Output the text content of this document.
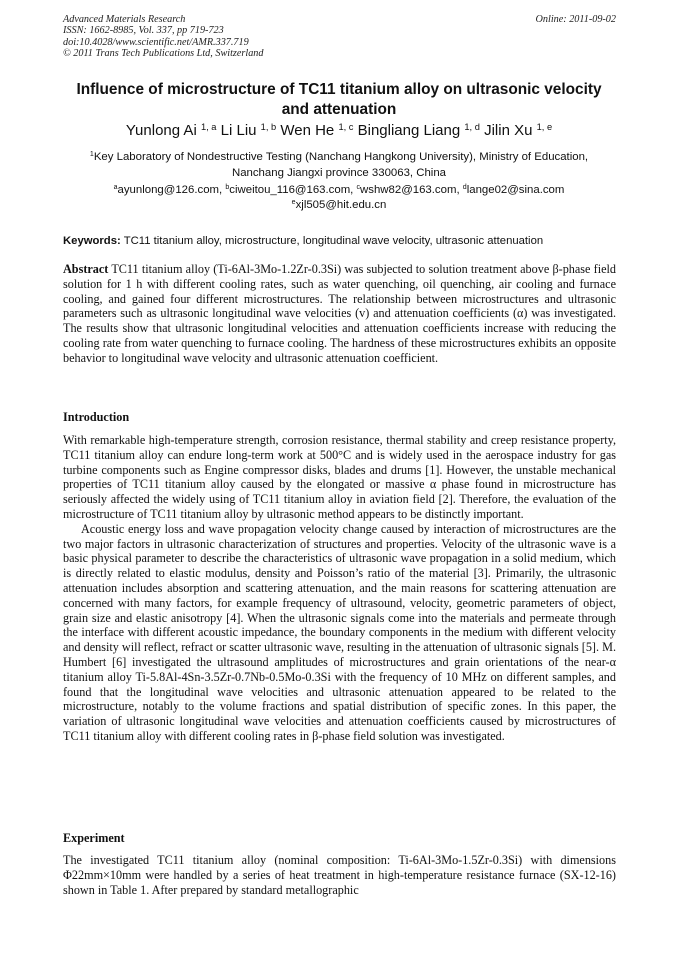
Advanced Materials Research
ISSN: 1662-8985, Vol. 337, pp 719-723
doi:10.4028/www.scientific.net/AMR.337.719
© 2011 Trans Tech Publications Ltd, Switzerland
Online: 2011-09-02
Influence of microstructure of TC11 titanium alloy on ultrasonic velocity
and attenuation
Yunlong Ai $^{1, a}$ Li Liu $^{1, b}$ Wen He $^{1, c}$ Bingliang Liang $^{1, d}$ Jilin Xu $^{1, e}$
$^1$Key Laboratory of Nondestructive Testing (Nanchang Hangkong University), Ministry of Education,
Nanchang Jiangxi province 330063, China
$^a$ayunlong@126.com, $^b$ciweitou_116@163.com, $^c$wshw82@163.com, $^d$lange02@sina.com
$^e$xjl505@hit.edu.cn
Keywords: TC11 titanium alloy, microstructure, longitudinal wave velocity, ultrasonic attenuation

Abstract TC11 titanium alloy (Ti-6Al-3Mo-1.2Zr-0.3Si) was subjected to solution treatment above β-phase field solution for 1 h with different cooling rates, such as water quenching, oil quenching, air cooling and furnace cooling, and gained four different microstructures. The relationship between microstructures and ultrasonic parameters such as ultrasonic longitudinal wave velocities (v) and attenuation coefficients (α) was investigated. The results show that ultrasonic longitudinal velocities and attenuation coefficients increase with reducing the cooling rate from water quenching to furnace cooling. The hardness of these microstructures exhibits an opposite behavior to longitudinal wave velocity and ultrasonic attenuation coefficient.

Introduction

With remarkable high-temperature strength, corrosion resistance, thermal stability and creep resistance property, TC11 titanium alloy can endure long-term work at 500°C and is widely used in the aerospace industry for gas turbine components such as Engine compressor disks, blades and drums [1]. However, the unstable mechanical properties of TC11 titanium alloy caused by the elongated or massive α phase found in microstructure has seriously affected the widely using of TC11 titanium alloy in aviation field [2]. Therefore, the evaluation of the microstructure of TC11 titanium alloy by ultrasonic method appears to be distinctly important.

Acoustic energy loss and wave propagation velocity change caused by interaction of microstructures are the two major factors in ultrasonic characterization of structures and properties. Velocity of the ultrasonic wave is a basic physical parameter to describe the characteristics of ultrasonic wave propagation in a solid medium, which is directly related to elastic modulus, density and Poisson’s ratio of the material [3]. Primarily, the ultrasonic attenuation includes absorption and scattering attenuation, and the main reasons for scattering attenuation are concerned with many factors, for example frequency of ultrasound, velocity, geometric parameters of object, grain size and elastic anisotropy [4]. When the ultrasonic signals come into the materials and permeate through the interface with different acoustic impedance, the boundary components in the medium with different velocity and density will reflect, refract or scatter ultrasonic wave, resulting in the attenuation of ultrasonic signals [5]. M. Humbert [6] investigated the ultrasound amplitudes of microstructures and grain orientations of the near-α titanium alloy Ti-5.8Al-4Sn-3.5Zr-0.7Nb-0.5Mo-0.3Si with the frequency of 10 MHz on different samples, and found that the longitudinal wave velocities and ultrasonic attenuation appeared to be related to the microstructure, notably to the volume fractions and spatial distribution of specific zones. In this paper, the variation of ultrasonic longitudinal wave velocities and attenuation coefficients caused by microstructures of TC11 titanium alloy with different cooling rates in β-phase field solution was investigated.

Experiment

The investigated TC11 titanium alloy (nominal composition: Ti-6Al-3Mo-1.5Zr-0.3Si) with dimensions Φ22mm×10mm were handled by a series of heat treatment in high-temperature resistance furnace (SX-12-16) shown in Table 1. After prepared by standard metallographic
